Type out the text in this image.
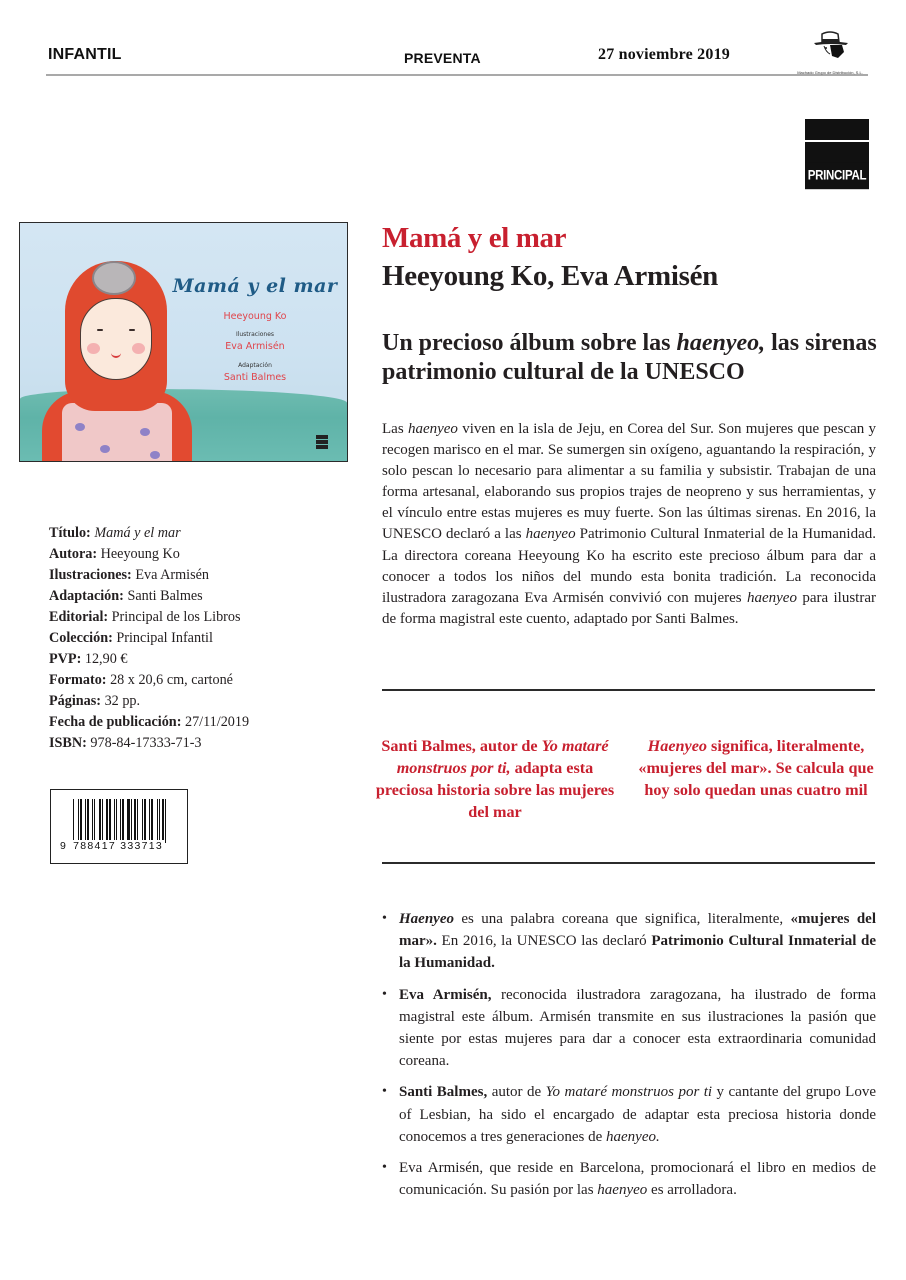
INFANTIL	PREVENTA	27 noviembre 2019
Machado Grupo de Distribución, S.L.
PRINCIPAL
Mamá y el mar
Heeyoung Ko
Ilustraciones
Eva Armisén
Adaptación
Santi Balmes
Título: Mamá y el mar
Autora: Heeyoung Ko
Ilustraciones: Eva Armisén
Adaptación: Santi Balmes
Editorial: Principal de los Libros
Colección: Principal Infantil
PVP: 12,90 €
Formato: 28 x 20,6 cm, cartoné
Páginas: 32 pp.
Fecha de publicación: 27/11/2019
ISBN: 978-84-17333-71-3
9 788417 333713
Mamá y el mar
Heeyoung Ko, Eva Armisén
Un precioso álbum sobre las haenyeo, las sirenas patrimonio cultural de la UNESCO
Las haenyeo viven en la isla de Jeju, en Corea del Sur. Son mujeres que pescan y recogen marisco en el mar. Se sumergen sin oxígeno, aguantando la respiración, y solo pescan lo necesario para alimentar a su familia y subsistir. Trabajan de una forma artesanal, elaborando sus propios trajes de neopreno y sus herramientas, y el vínculo entre estas mujeres es muy fuerte. Son las últimas sirenas. En 2016, la UNESCO declaró a las haenyeo Patrimonio Cultural Inmaterial de la Humanidad. La directora coreana Heeyoung Ko ha escrito este precioso álbum para dar a conocer a todos los niños del mundo esta bonita tradición. La reconocida ilustradora zaragozana Eva Armisén convivió con mujeres haenyeo para ilustrar de forma magistral este cuento, adaptado por Santi Balmes.
Santi Balmes, autor de Yo mataré monstruos por ti, adapta esta preciosa historia sobre las mujeres del mar
Haenyeo significa, literalmente, «mujeres del mar». Se calcula que hoy solo quedan unas cuatro mil
• Haenyeo es una palabra coreana que significa, literalmente, «mujeres del mar». En 2016, la UNESCO las declaró Patrimonio Cultural Inmaterial de la Humanidad.
• Eva Armisén, reconocida ilustradora zaragozana, ha ilustrado de forma magistral este álbum. Armisén transmite en sus ilustraciones la pasión que siente por estas mujeres para dar a conocer esta extraordinaria comunidad coreana.
• Santi Balmes, autor de Yo mataré monstruos por ti y cantante del grupo Love of Lesbian, ha sido el encargado de adaptar esta preciosa historia donde conocemos a tres generaciones de haenyeo.
• Eva Armisén, que reside en Barcelona, promocionará el libro en medios de comunicación. Su pasión por las haenyeo es arrolladora.
